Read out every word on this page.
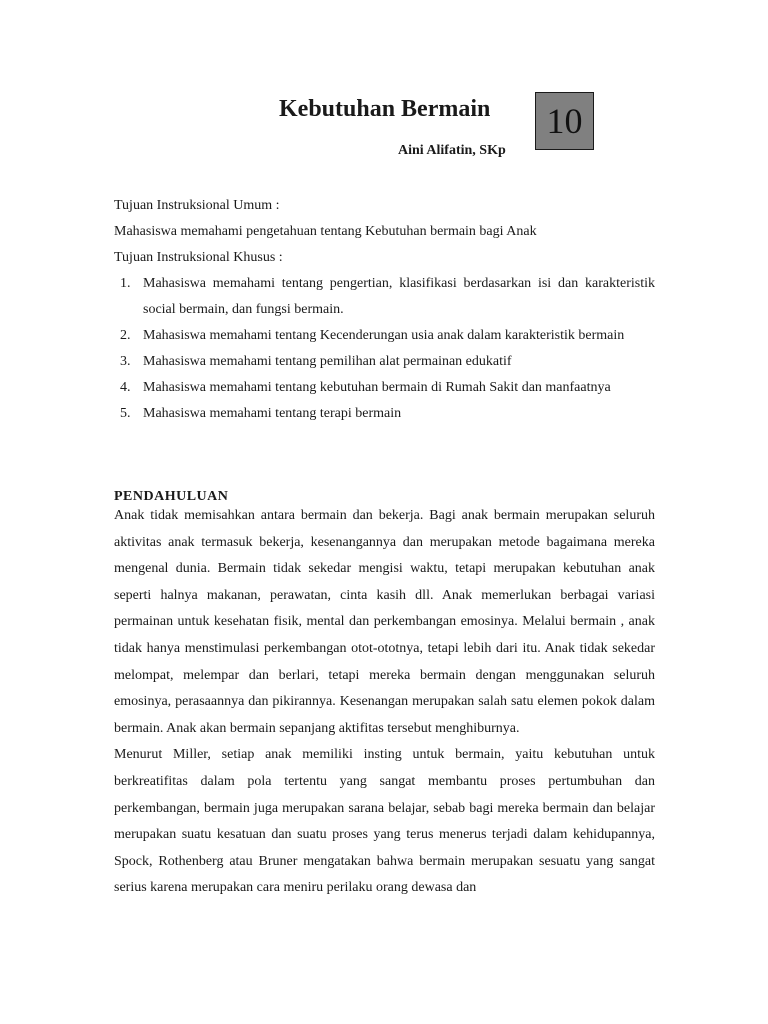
Kebutuhan Bermain 10
Aini Alifatin, SKp
Tujuan Instruksional Umum :
Mahasiswa memahami pengetahuan tentang Kebutuhan bermain bagi Anak
Tujuan Instruksional Khusus :
1. Mahasiswa memahami tentang pengertian, klasifikasi berdasarkan isi dan karakteristik social bermain, dan fungsi bermain.
2. Mahasiswa memahami tentang Kecenderungan usia anak dalam karakteristik bermain
3. Mahasiswa memahami tentang pemilihan alat permainan edukatif
4. Mahasiswa memahami tentang kebutuhan bermain di Rumah Sakit dan manfaatnya
5. Mahasiswa memahami tentang terapi bermain
PENDAHULUAN

Anak tidak memisahkan antara bermain dan bekerja. Bagi anak bermain merupakan seluruh aktivitas anak termasuk bekerja, kesenangannya dan merupakan metode bagaimana mereka mengenal dunia. Bermain tidak sekedar mengisi waktu, tetapi merupakan kebutuhan anak seperti halnya makanan, perawatan, cinta kasih dll. Anak memerlukan berbagai variasi permainan untuk kesehatan fisik, mental dan perkembangan emosinya. Melalui bermain , anak tidak hanya menstimulasi perkembangan otot-ototnya, tetapi lebih dari itu. Anak tidak sekedar melompat, melempar dan berlari, tetapi mereka bermain dengan menggunakan seluruh emosinya, perasaannya dan pikirannya. Kesenangan merupakan salah satu elemen pokok dalam bermain. Anak akan bermain sepanjang aktifitas tersebut menghiburnya.

Menurut Miller, setiap anak memiliki insting untuk bermain, yaitu kebutuhan untuk berkreatifitas dalam pola tertentu yang sangat membantu proses pertumbuhan dan perkembangan, bermain juga merupakan sarana belajar, sebab bagi mereka bermain dan belajar merupakan suatu kesatuan dan suatu proses yang terus menerus terjadi dalam kehidupannya, Spock, Rothenberg atau Bruner mengatakan bahwa bermain merupakan sesuatu yang sangat serius karena merupakan cara meniru perilaku orang dewasa dan
